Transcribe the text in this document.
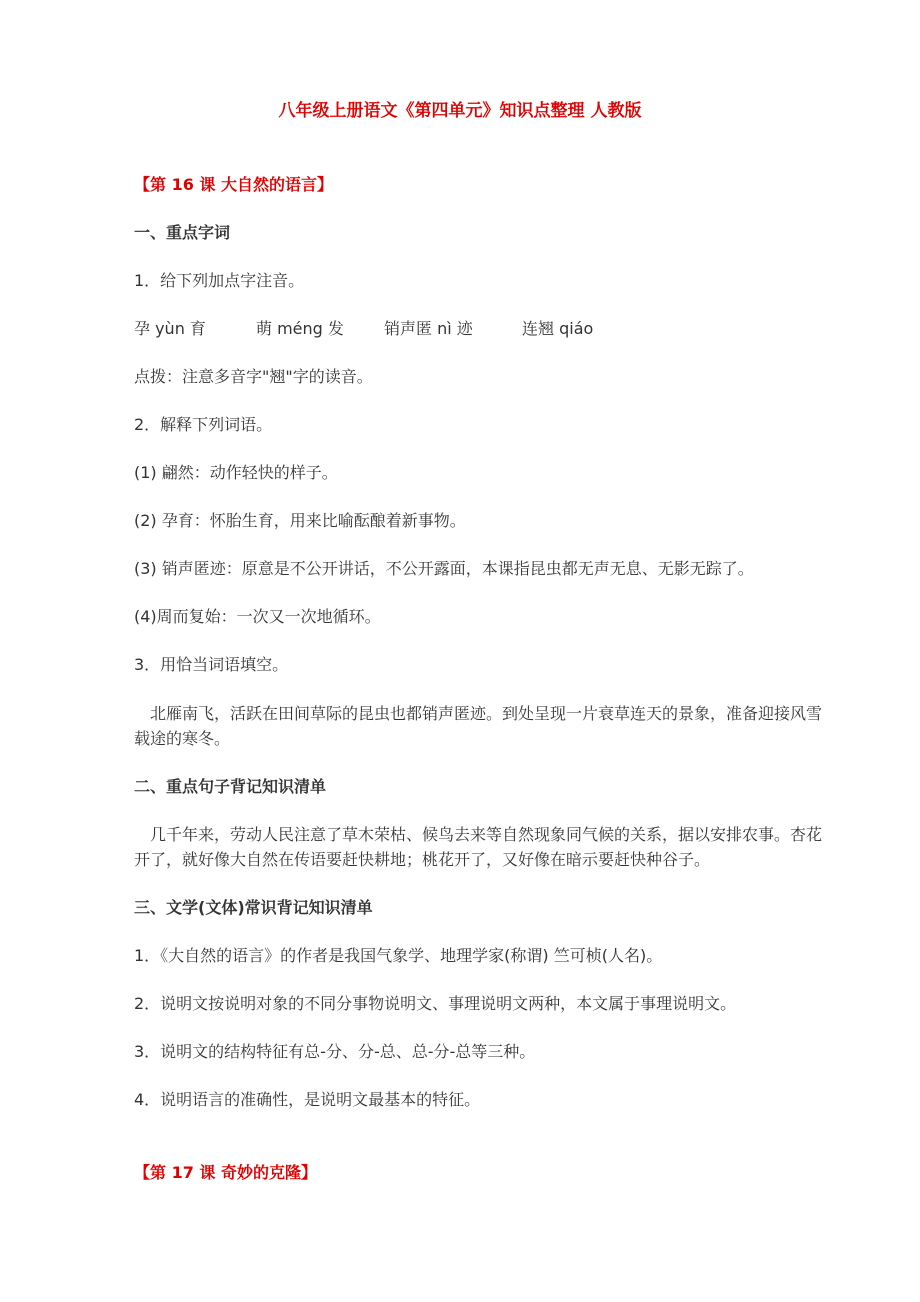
八年级上册语文《第四单元》知识点整理 人教版

【第 16 课 大自然的语言】

一、重点字词

1．给下列加点字注音。

孕 yùn 育	萌 méng 发	销声匿 nì 迹	连翘 qiáo

点拨：注意多音字"翘"字的读音。

2．解释下列词语。

(1) 翩然：动作轻快的样子。

(2) 孕育：怀胎生育，用来比喻酝酿着新事物。

(3) 销声匿迹：原意是不公开讲话，不公开露面，本课指昆虫都无声无息、无影无踪了。

(4)周而复始：一次又一次地循环。

3．用恰当词语填空。

北雁南飞，活跃在田间草际的昆虫也都销声匿迹。到处呈现一片衰草连天的景象，准备迎接风雪载途的寒冬。

二、重点句子背记知识清单

几千年来，劳动人民注意了草木荣枯、候鸟去来等自然现象同气候的关系，据以安排农事。杏花开了，就好像大自然在传语要赶快耕地；桃花开了，又好像在暗示要赶快种谷子。

三、文学(文体)常识背记知识清单

1．《大自然的语言》的作者是我国气象学、地理学家(称谓) 竺可桢(人名)。

2．说明文按说明对象的不同分事物说明文、事理说明文两种，本文属于事理说明文。

3．说明文的结构特征有总-分、分-总、总-分-总等三种。

4．说明语言的准确性，是说明文最基本的特征。

【第 17 课 奇妙的克隆】
